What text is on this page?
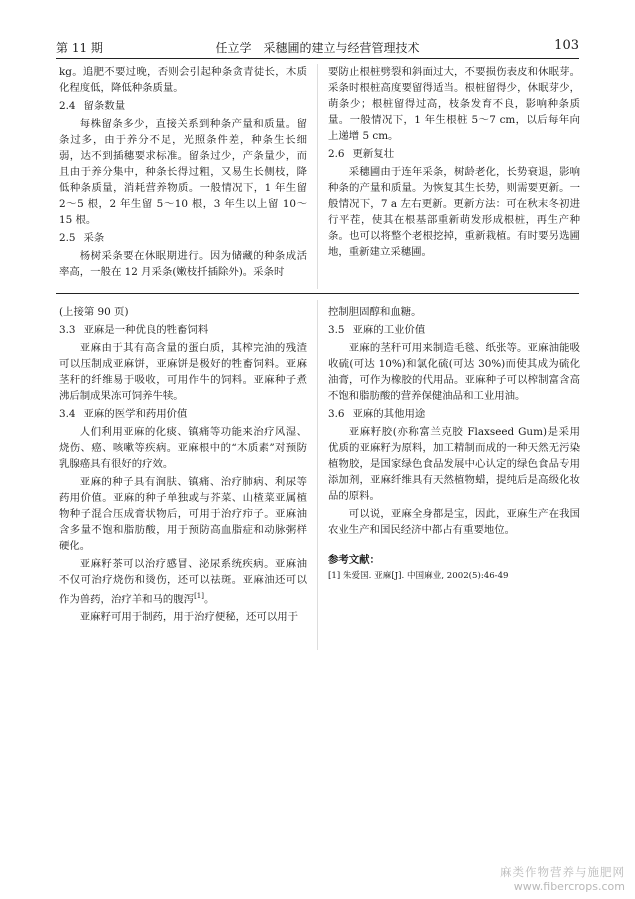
第 11 期	任立学　采穗圃的建立与经营管理技术	103

kg。追肥不要过晚，否则会引起种条贪青徒长，木质化程度低，降低种条质量。

2.4 留条数量

每株留条多少，直接关系到种条产量和质量。留条过多，由于养分不足，光照条件差，种条生长细弱，达不到插穗要求标准。留条过少，产条量少，而且由于养分集中，种条长得过粗，又易生长侧枝，降低种条质量，消耗营养物质。一般情况下，1 年生留 2～5 根，2 年生留 5～10 根，3 年生以上留 10～15 根。

2.5 采条

杨树采条要在休眠期进行。因为储藏的种条成活率高，一般在 12 月采条(嫩枝扦插除外)。采条时

要防止根桩劈裂和斜面过大，不要损伤表皮和休眠芽。采条时根桩高度要留得适当。根桩留得少，休眠芽少，萌条少；根桩留得过高，枝条发育不良，影响种条质量。一般情况下，1 年生根桩 5～7 cm，以后每年向上递增 5 cm。

2.6 更新复壮

采穗圃由于连年采条，树龄老化，长势衰退，影响种条的产量和质量。为恢复其生长势，则需要更新。一般情况下，7 a 左右更新。更新方法：可在秋末冬初进行平茬，使其在根基部重新萌发形成根桩，再生产种条。也可以将整个老根挖掉，重新栽植。有时要另选圃地，重新建立采穗圃。

(上接第 90 页)

3.3 亚麻是一种优良的牲畜饲料

亚麻由于其有高含量的蛋白质，其榨完油的残渣可以压制成亚麻饼，亚麻饼是极好的牲畜饲料。亚麻茎秆的纤维易于吸收，可用作牛的饲料。亚麻种子煮沸后制成果冻可饲养牛犊。

3.4 亚麻的医学和药用价值

人们利用亚麻的化痰、镇痛等功能来治疗风湿、烧伤、癌、咳嗽等疾病。亚麻根中的“木质素”对预防乳腺癌具有很好的疗效。

亚麻的种子具有润肤、镇痛、治疗肺病、利尿等药用价值。亚麻的种子单独或与芥菜、山楂菜亚属植物种子混合压成膏状物后，可用于治疗疖子。亚麻油含多量不饱和脂肪酸，用于预防高血脂症和动脉粥样硬化。

亚麻籽茶可以治疗感冒、泌尿系统疾病。亚麻油不仅可治疗烧伤和烫伤，还可以祛斑。亚麻油还可以作为兽药，治疗羊和马的腹泻[1]。

亚麻籽可用于制药，用于治疗便秘，还可以用于

控制胆固醇和血糖。

3.5 亚麻的工业价值

亚麻的茎秆可用来制造毛毯、纸张等。亚麻油能吸收硫(可达 10%)和氯化硫(可达 30%)而使其成为硫化油膏，可作为橡胶的代用品。亚麻种子可以榨制富含高不饱和脂肪酸的营养保健油品和工业用油。

3.6 亚麻的其他用途

亚麻籽胶(亦称富兰克胶 Flaxseed Gum)是采用优质的亚麻籽为原料，加工精制而成的一种天然无污染植物胶，是国家绿色食品发展中心认定的绿色食品专用添加剂，亚麻纤维具有天然植物蜡，提纯后是高级化妆品的原料。

可以说，亚麻全身都是宝，因此，亚麻生产在我国农业生产和国民经济中都占有重要地位。

参考文献：

[1] 朱爱国. 亚麻[J]. 中国麻业, 2002(5):46-49

麻类作物营养与施肥网
www.fibercrops.com
